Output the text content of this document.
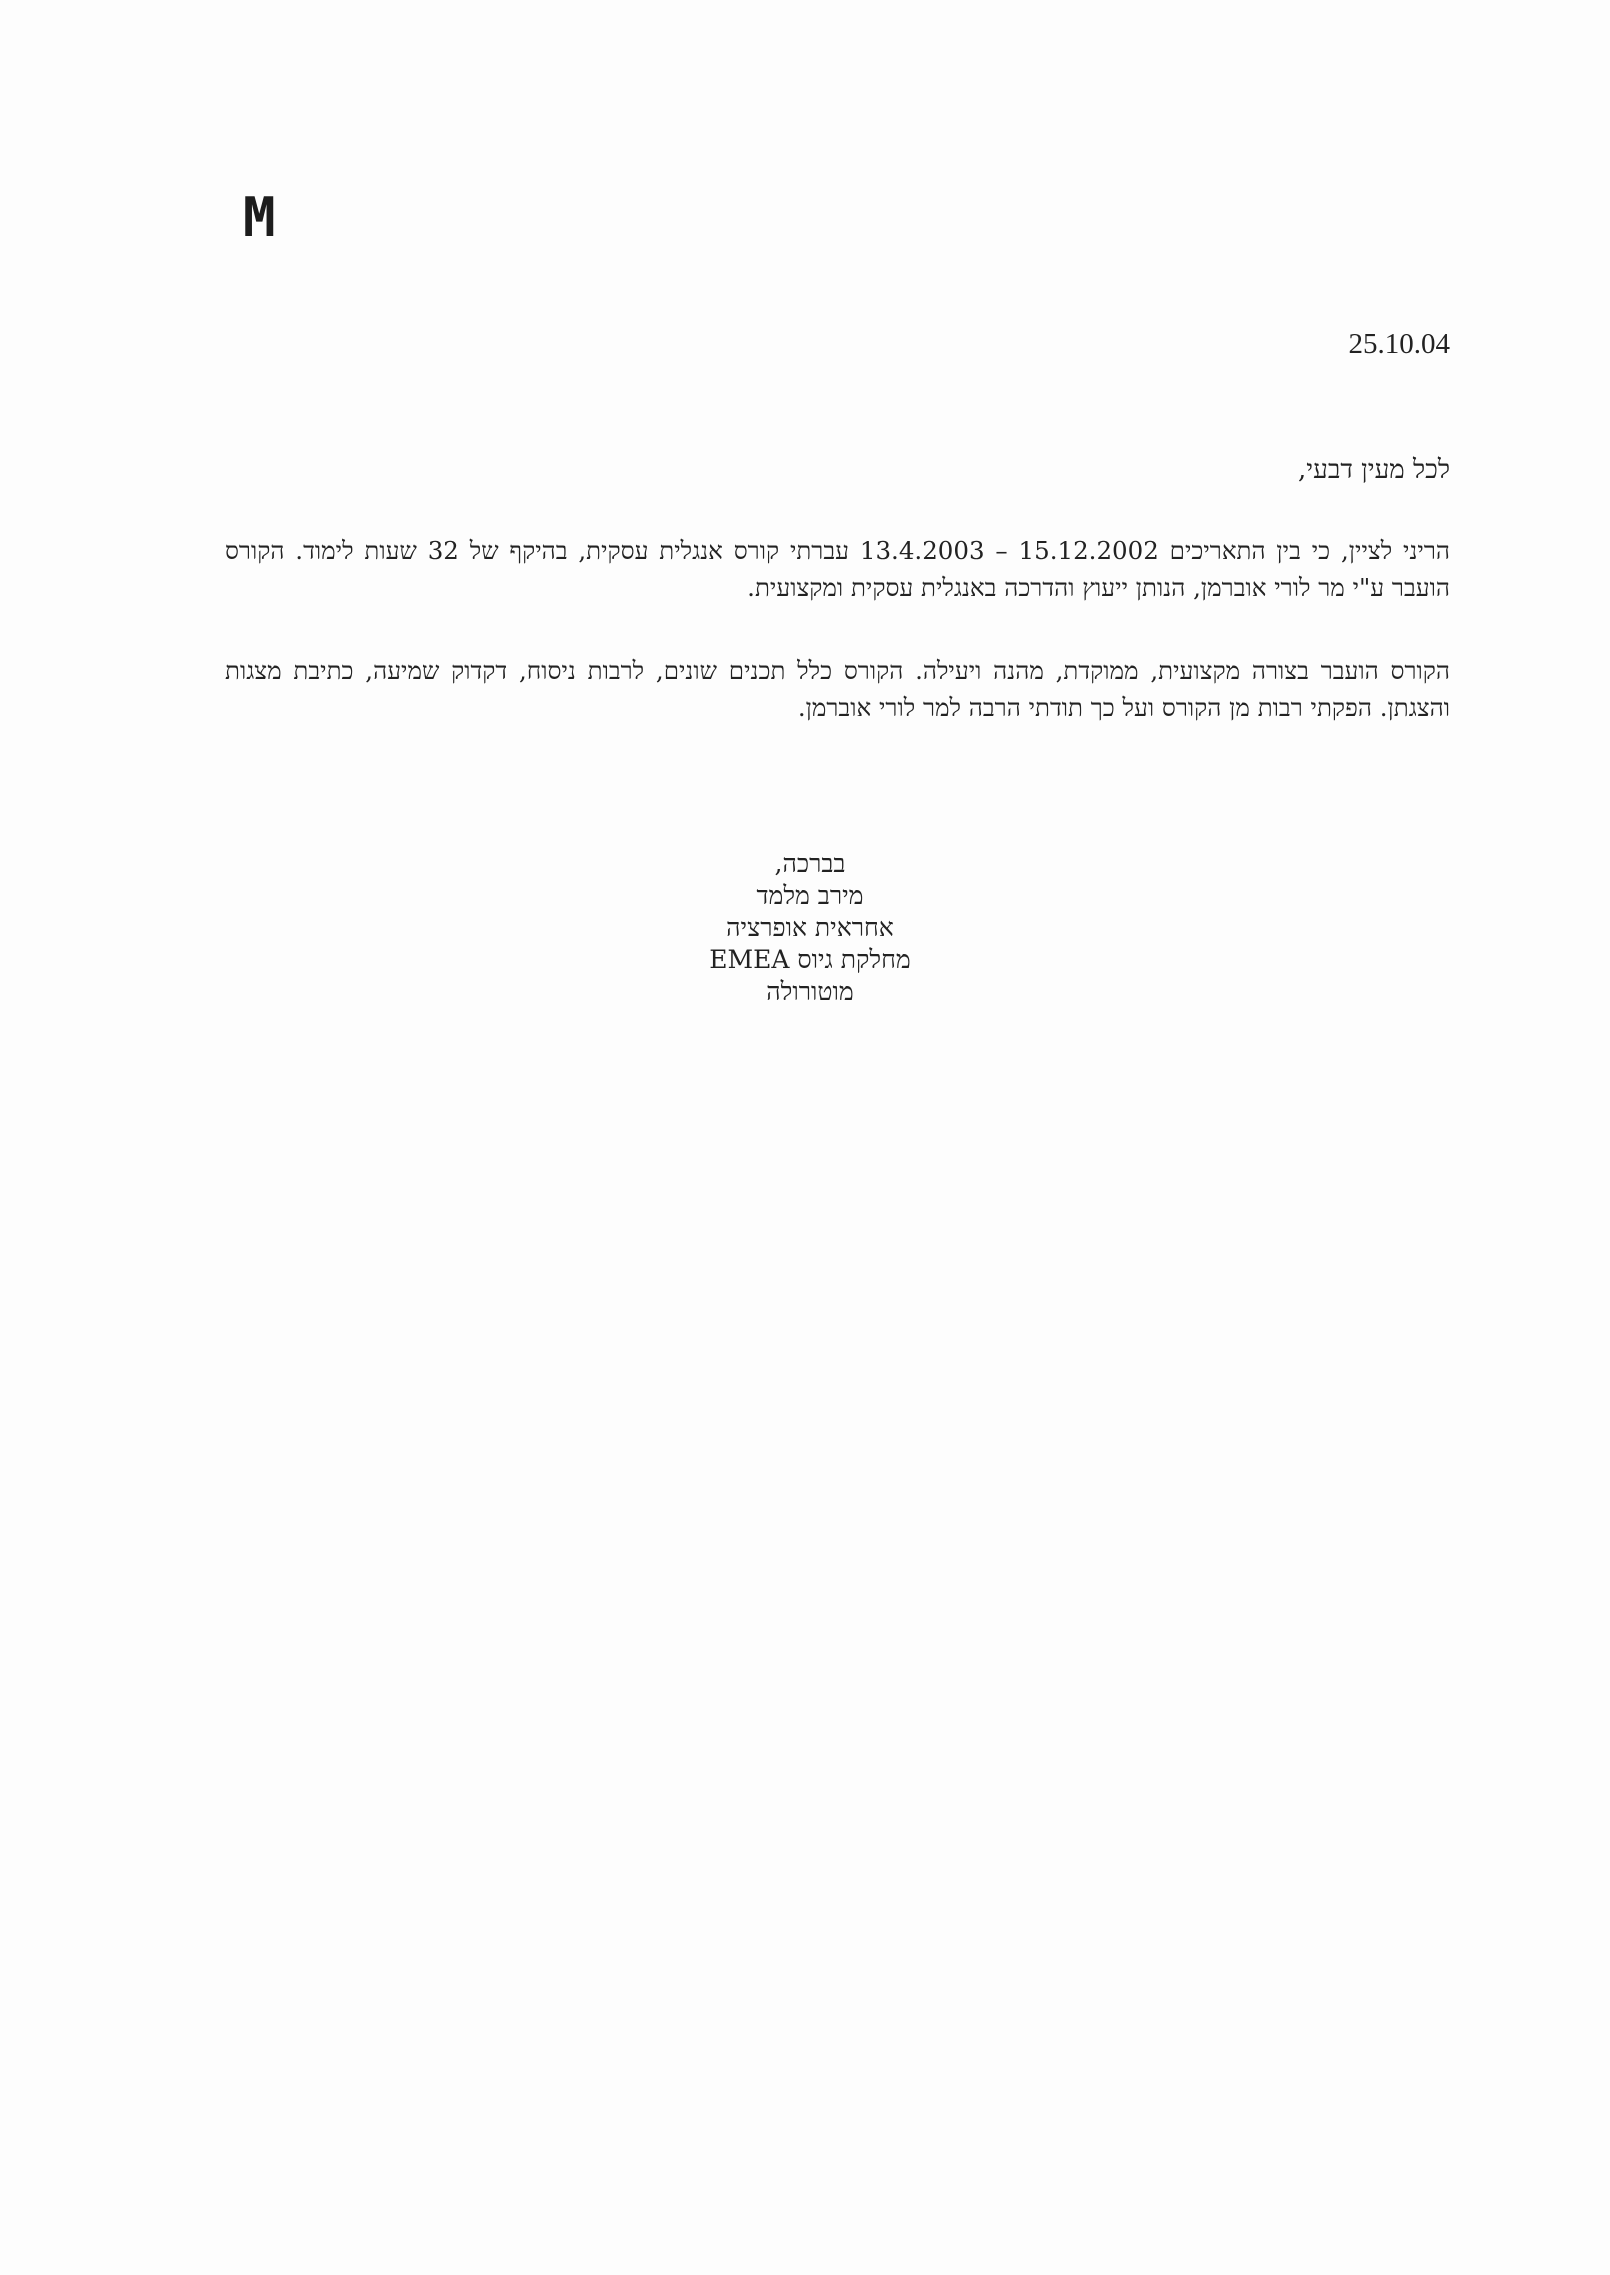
M
25.10.04
לכל מעין דבעי,

הריני לציין, כי בין התאריכים 15.12.2002 – 13.4.2003 עברתי קורס אנגלית עסקית, בהיקף של 32 שעות לימוד. הקורס הועבר ע"י מר לורי אוברמן, הנותן ייעוץ והדרכה באנגלית עסקית ומקצועית.

הקורס הועבר בצורה מקצועית, ממוקדת, מהנה ויעילה. הקורס כלל תכנים שונים, לרבות ניסוח, דקדוק שמיעה, כתיבת מצגות והצגתן. הפקתי רבות מן הקורס ועל כך תודתי הרבה למר לורי אוברמן.

בברכה,
מירב מלמד
אחראית אופרציה
מחלקת גיוס EMEA
מוטורולה
